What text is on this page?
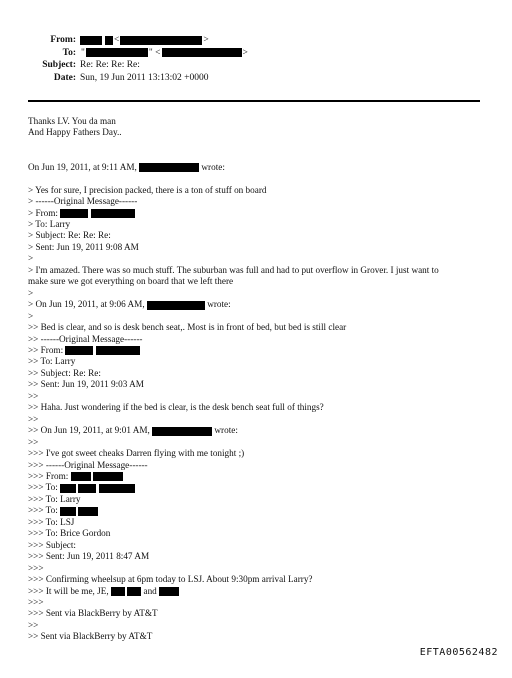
From:	<	>
To: "	" <	>
Subject: Re: Re: Re: Re:
Date: Sun, 19 Jun 2011 13:13:02 +0000
Thanks LV. You da man
And Happy Fathers Day..
On Jun 19, 2011, at 9:11 AM,	wrote:
> Yes for sure, I precision packed, there is a ton of stuff on board
> ------Original Message------
> From:
> To: Larry
> Subject: Re: Re: Re:
> Sent: Jun 19, 2011 9:08 AM
>
> I'm amazed. There was so much stuff. The suburban was full and had to put overflow in Grover. I just want to
make sure we got everything on board that we left there
>
> On Jun 19, 2011, at 9:06 AM,	wrote:
>
>> Bed is clear, and so is desk bench seat,. Most is in front of bed, but bed is still clear
>> ------Original Message------
>> From:
>> To: Larry
>> Subject: Re: Re:
>> Sent: Jun 19, 2011 9:03 AM
>>
>> Haha. Just wondering if the bed is clear, is the desk bench seat full of things?
>>
>> On Jun 19, 2011, at 9:01 AM,	wrote:
>>
>>> I've got sweet cheaks Darren flying with me tonight ;)
>>> ------Original Message------
>>> From:
>>> To:
>>> To: Larry
>>> To:
>>> To: LSJ
>>> To: Brice Gordon
>>> Subject:
>>> Sent: Jun 19, 2011 8:47 AM
>>>
>>> Confirming wheelsup at 6pm today to LSJ. About 9:30pm arrival Larry?
>>> It will be me, JE,	and
>>>
>>> Sent via BlackBerry by AT&T
>>
>> Sent via BlackBerry by AT&T
EFTA00562482
